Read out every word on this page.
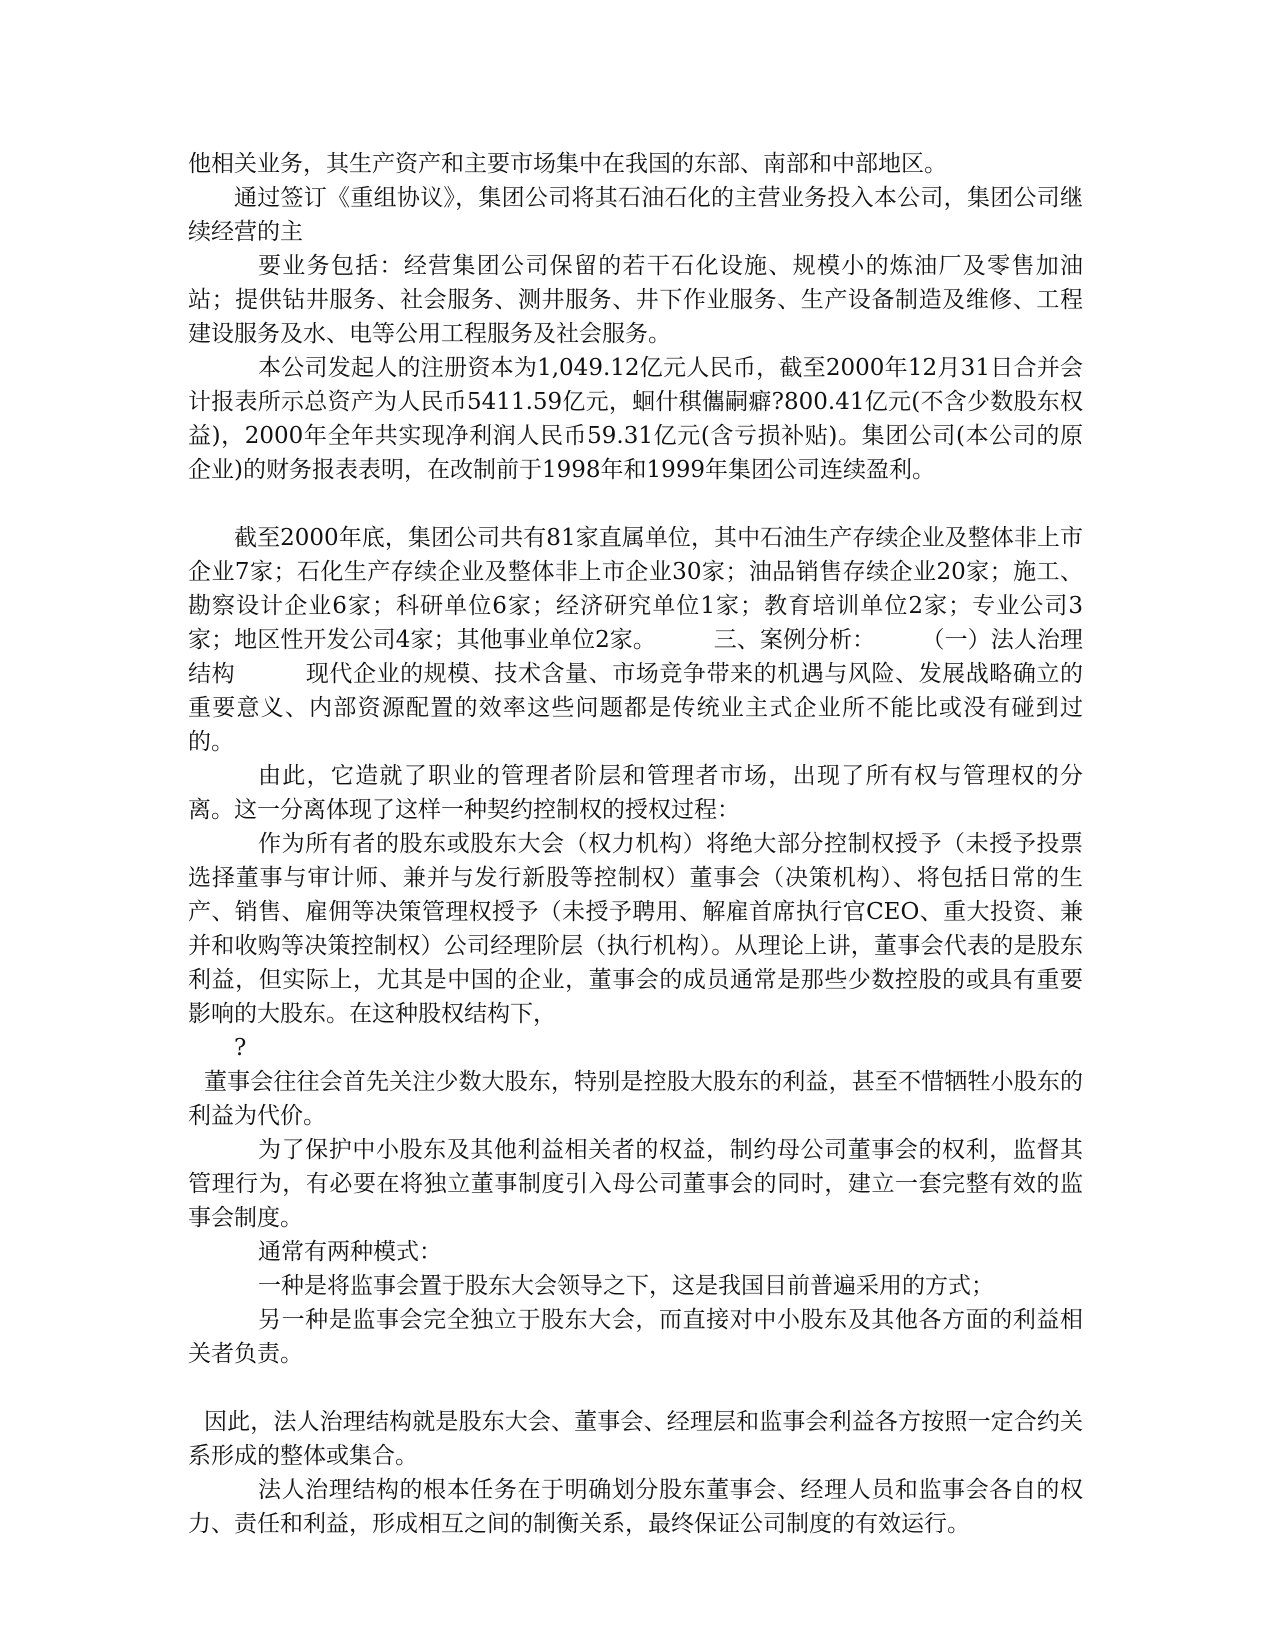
他相关业务，其生产资产和主要市场集中在我国的东部、南部和中部地区。

通过签订《重组协议》，集团公司将其石油石化的主营业务投入本公司，集团公司继续经营的主

要业务包括：经营集团公司保留的若干石化设施、规模小的炼油厂及零售加油站；提供钻井服务、社会服务、测井服务、井下作业服务、生产设备制造及维修、工程建设服务及水、电等公用工程服务及社会服务。

本公司发起人的注册资本为1,049.12亿元人民币，截至2000年12月31日合并会计报表所示总资产为人民币5411.59亿元，蛔什稘儶嗣癖?800.41亿元(不含少数股东权益)，2000年全年共实现净利润人民币59.31亿元(含亏损补贴)。集团公司(本公司的原企业)的财务报表表明，在改制前于1998年和1999年集团公司连续盈利。

截至2000年底，集团公司共有81家直属单位，其中石油生产存续企业及整体非上市企业7家；石化生产存续企业及整体非上市企业30家；油品销售存续企业20家；施工、勘察设计企业6家；科研单位6家；经济研究单位1家；教育培训单位2家；专业公司3家；地区性开发公司4家；其他事业单位2家。　　　三、案例分析：　　　（一）法人治理结构　　　现代企业的规模、技术含量、市场竞争带来的机遇与风险、发展战略确立的重要意义、内部资源配置的效率这些问题都是传统业主式企业所不能比或没有碰到过的。

由此，它造就了职业的管理者阶层和管理者市场，出现了所有权与管理权的分离。这一分离体现了这样一种契约控制权的授权过程：

作为所有者的股东或股东大会（权力机构）将绝大部分控制权授予（未授予投票选择董事与审计师、兼并与发行新股等控制权）董事会（决策机构）、将包括日常的生产、销售、雇佣等决策管理权授予（未授予聘用、解雇首席执行官CEO、重大投资、兼并和收购等决策控制权）公司经理阶层（执行机构）。从理论上讲，董事会代表的是股东利益，但实际上，尤其是中国的企业，董事会的成员通常是那些少数控股的或具有重要影响的大股东。在这种股权结构下，

?

董事会往往会首先关注少数大股东，特别是控股大股东的利益，甚至不惜牺牲小股东的利益为代价。

为了保护中小股东及其他利益相关者的权益，制约母公司董事会的权利，监督其管理行为，有必要在将独立董事制度引入母公司董事会的同时，建立一套完整有效的监事会制度。

通常有两种模式：

一种是将监事会置于股东大会领导之下，这是我国目前普遍采用的方式；

另一种是监事会完全独立于股东大会，而直接对中小股东及其他各方面的利益相关者负责。

因此，法人治理结构就是股东大会、董事会、经理层和监事会利益各方按照一定合约关系形成的整体或集合。

法人治理结构的根本任务在于明确划分股东董事会、经理人员和监事会各自的权力、责任和利益，形成相互之间的制衡关系，最终保证公司制度的有效运行。
